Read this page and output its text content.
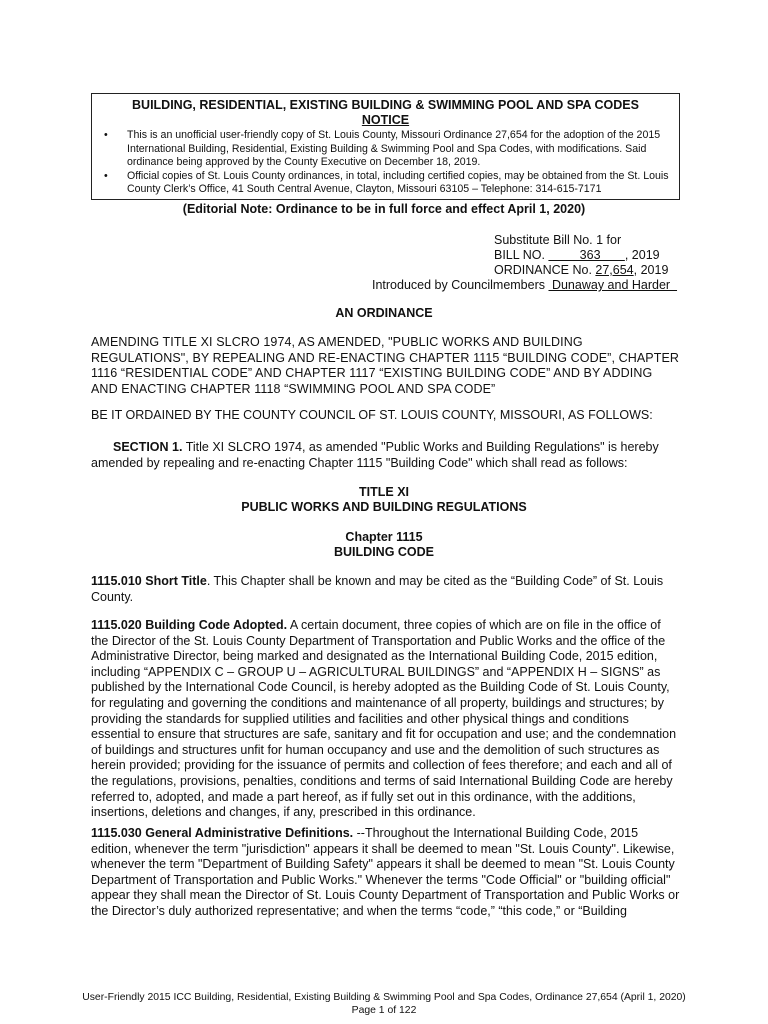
BUILDING, RESIDENTIAL, EXISTING BUILDING & SWIMMING POOL AND SPA CODES
NOTICE
• This is an unofficial user-friendly copy of St. Louis County, Missouri Ordinance 27,654 for the adoption of the 2015 International Building, Residential, Existing Building & Swimming Pool and Spa Codes, with modifications. Said ordinance being approved by the County Executive on December 18, 2019.
• Official copies of St. Louis County ordinances, in total, including certified copies, may be obtained from the St. Louis County Clerk’s Office, 41 South Central Avenue, Clayton, Missouri 63105 – Telephone: 314-615-7171
(Editorial Note: Ordinance to be in full force and effect April 1, 2020)
Substitute Bill No. 1 for
BILL NO.          363       , 2019
ORDINANCE No. 27,654, 2019
Introduced by Councilmembers  Dunaway and Harder
AN ORDINANCE
AMENDING TITLE XI SLCRO 1974, AS AMENDED, "PUBLIC WORKS AND BUILDING REGULATIONS", BY REPEALING AND RE-ENACTING CHAPTER 1115 “BUILDING CODE”, CHAPTER 1116 “RESIDENTIAL CODE” AND CHAPTER 1117 “EXISTING BUILDING CODE” AND BY ADDING AND ENACTING CHAPTER 1118 “SWIMMING POOL AND SPA CODE”
BE IT ORDAINED BY THE COUNTY COUNCIL OF ST. LOUIS COUNTY, MISSOURI, AS FOLLOWS:
SECTION 1. Title XI SLCRO 1974, as amended "Public Works and Building Regulations" is hereby amended by repealing and re-enacting Chapter 1115 "Building Code" which shall read as follows:
TITLE XI
PUBLIC WORKS AND BUILDING REGULATIONS
Chapter 1115
BUILDING CODE
1115.010 Short Title. This Chapter shall be known and may be cited as the “Building Code” of St. Louis County.
1115.020 Building Code Adopted. A certain document, three copies of which are on file in the office of the Director of the St. Louis County Department of Transportation and Public Works and the office of the Administrative Director, being marked and designated as the International Building Code, 2015 edition, including “APPENDIX C – GROUP U – AGRICULTURAL BUILDINGS” and “APPENDIX H – SIGNS” as published by the International Code Council, is hereby adopted as the Building Code of St. Louis County, for regulating and governing the conditions and maintenance of all property, buildings and structures; by providing the standards for supplied utilities and facilities and other physical things and conditions essential to ensure that structures are safe, sanitary and fit for occupation and use; and the condemnation of buildings and structures unfit for human occupancy and use and the demolition of such structures as herein provided; providing for the issuance of permits and collection of fees therefore; and each and all of the regulations, provisions, penalties, conditions and terms of said International Building Code are hereby referred to, adopted, and made a part hereof, as if fully set out in this ordinance, with the additions, insertions, deletions and changes, if any, prescribed in this ordinance.
1115.030 General Administrative Definitions. --Throughout the International Building Code, 2015 edition, whenever the term "jurisdiction" appears it shall be deemed to mean "St. Louis County". Likewise, whenever the term "Department of Building Safety" appears it shall be deemed to mean "St. Louis County Department of Transportation and Public Works." Whenever the terms "Code Official" or "building official" appear they shall mean the Director of St. Louis County Department of Transportation and Public Works or the Director’s duly authorized representative; and when the terms “code,” “this code,” or “Building
User-Friendly 2015 ICC Building, Residential, Existing Building & Swimming Pool and Spa Codes, Ordinance 27,654 (April 1, 2020)
Page 1 of 122
